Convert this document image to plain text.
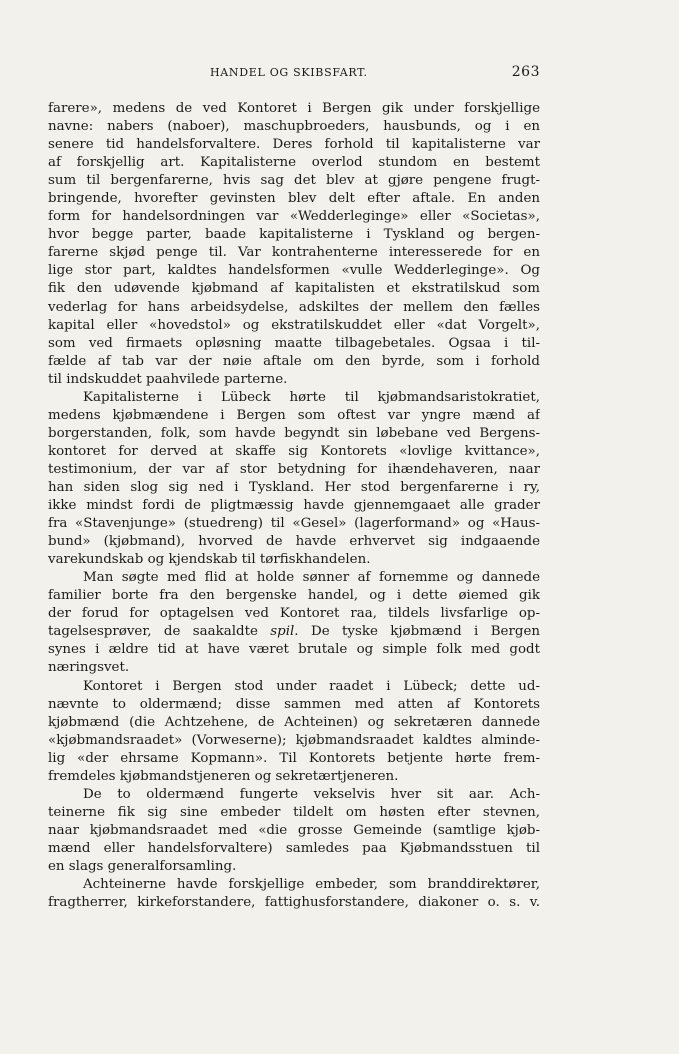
HANDEL OG SKIBSFART.	263
farere», medens de ved Kontoret i Bergen gik under forskjellige
navne: nabers (naboer), maschupbroeders, hausbunds, og i en
senere tid handelsforvaltere. Deres forhold til kapitalisterne var
af forskjellig art. Kapitalisterne overlod stundom en bestemt
sum til bergenfarerne, hvis sag det blev at gjøre pengene frugt-
bringende, hvorefter gevinsten blev delt efter aftale. En anden
form for handelsordningen var «Wedderleginge» eller «Societas»,
hvor begge parter, baade kapitalisterne i Tyskland og bergen-
farerne skjød penge til. Var kontrahenterne interesserede for en
lige stor part, kaldtes handelsformen «vulle Wedderleginge». Og
fik den udøvende kjøbmand af kapitalisten et ekstratilskud som
vederlag for hans arbeidsydelse, adskiltes der mellem den fælles
kapital eller «hovedstol» og ekstratilskuddet eller «dat Vorgelt»,
som ved firmaets opløsning maatte tilbagebetales. Ogsaa i til-
fælde af tab var der nøie aftale om den byrde, som i forhold
til indskuddet paahvilede parterne.
Kapitalisterne i Lübeck hørte til kjøbmandsaristokratiet,
medens kjøbmændene i Bergen som oftest var yngre mænd af
borgerstanden, folk, som havde begyndt sin løbebane ved Bergens-
kontoret for derved at skaffe sig Kontorets «lovlige kvittance»,
testimonium, der var af stor betydning for ihændehaveren, naar
han siden slog sig ned i Tyskland. Her stod bergenfarerne i ry,
ikke mindst fordi de pligtmæssig havde gjennemgaaet alle grader
fra «Stavenjunge» (stuedreng) til «Gesel» (lagerformand» og «Haus-
bund» (kjøbmand), hvorved de havde erhvervet sig indgaaende
varekundskab og kjendskab til tørfiskhandelen.
Man søgte med flid at holde sønner af fornemme og dannede
familier borte fra den bergenske handel, og i dette øiemed gik
der forud for optagelsen ved Kontoret raa, tildels livsfarlige op-
tagelsesprøver, de saakaldte spil. De tyske kjøbmænd i Bergen
synes i ældre tid at have været brutale og simple folk med godt
næringsvet.
Kontoret i Bergen stod under raadet i Lübeck; dette ud-
nævnte to oldermænd; disse sammen med atten af Kontorets
kjøbmænd (die Achtzehene, de Achteinen) og sekretæren dannede
«kjøbmandsraadet» (Vorweserne); kjøbmandsraadet kaldtes alminde-
lig «der ehrsame Kopmann». Til Kontorets betjente hørte frem-
fremdeles kjøbmandstjeneren og sekretærtjeneren.
De to oldermænd fungerte vekselvis hver sit aar. Ach-
teinerne fik sig sine embeder tildelt om høsten efter stevnen,
naar kjøbmandsraadet med «die grosse Gemeinde (samtlige kjøb-
mænd eller handelsforvaltere) samledes paa Kjøbmandsstuen til
en slags generalforsamling.
Achteinerne havde forskjellige embeder, som branddirektører,
fragtherrer, kirkeforstandere, fattighusforstandere, diakoner o. s. v.
